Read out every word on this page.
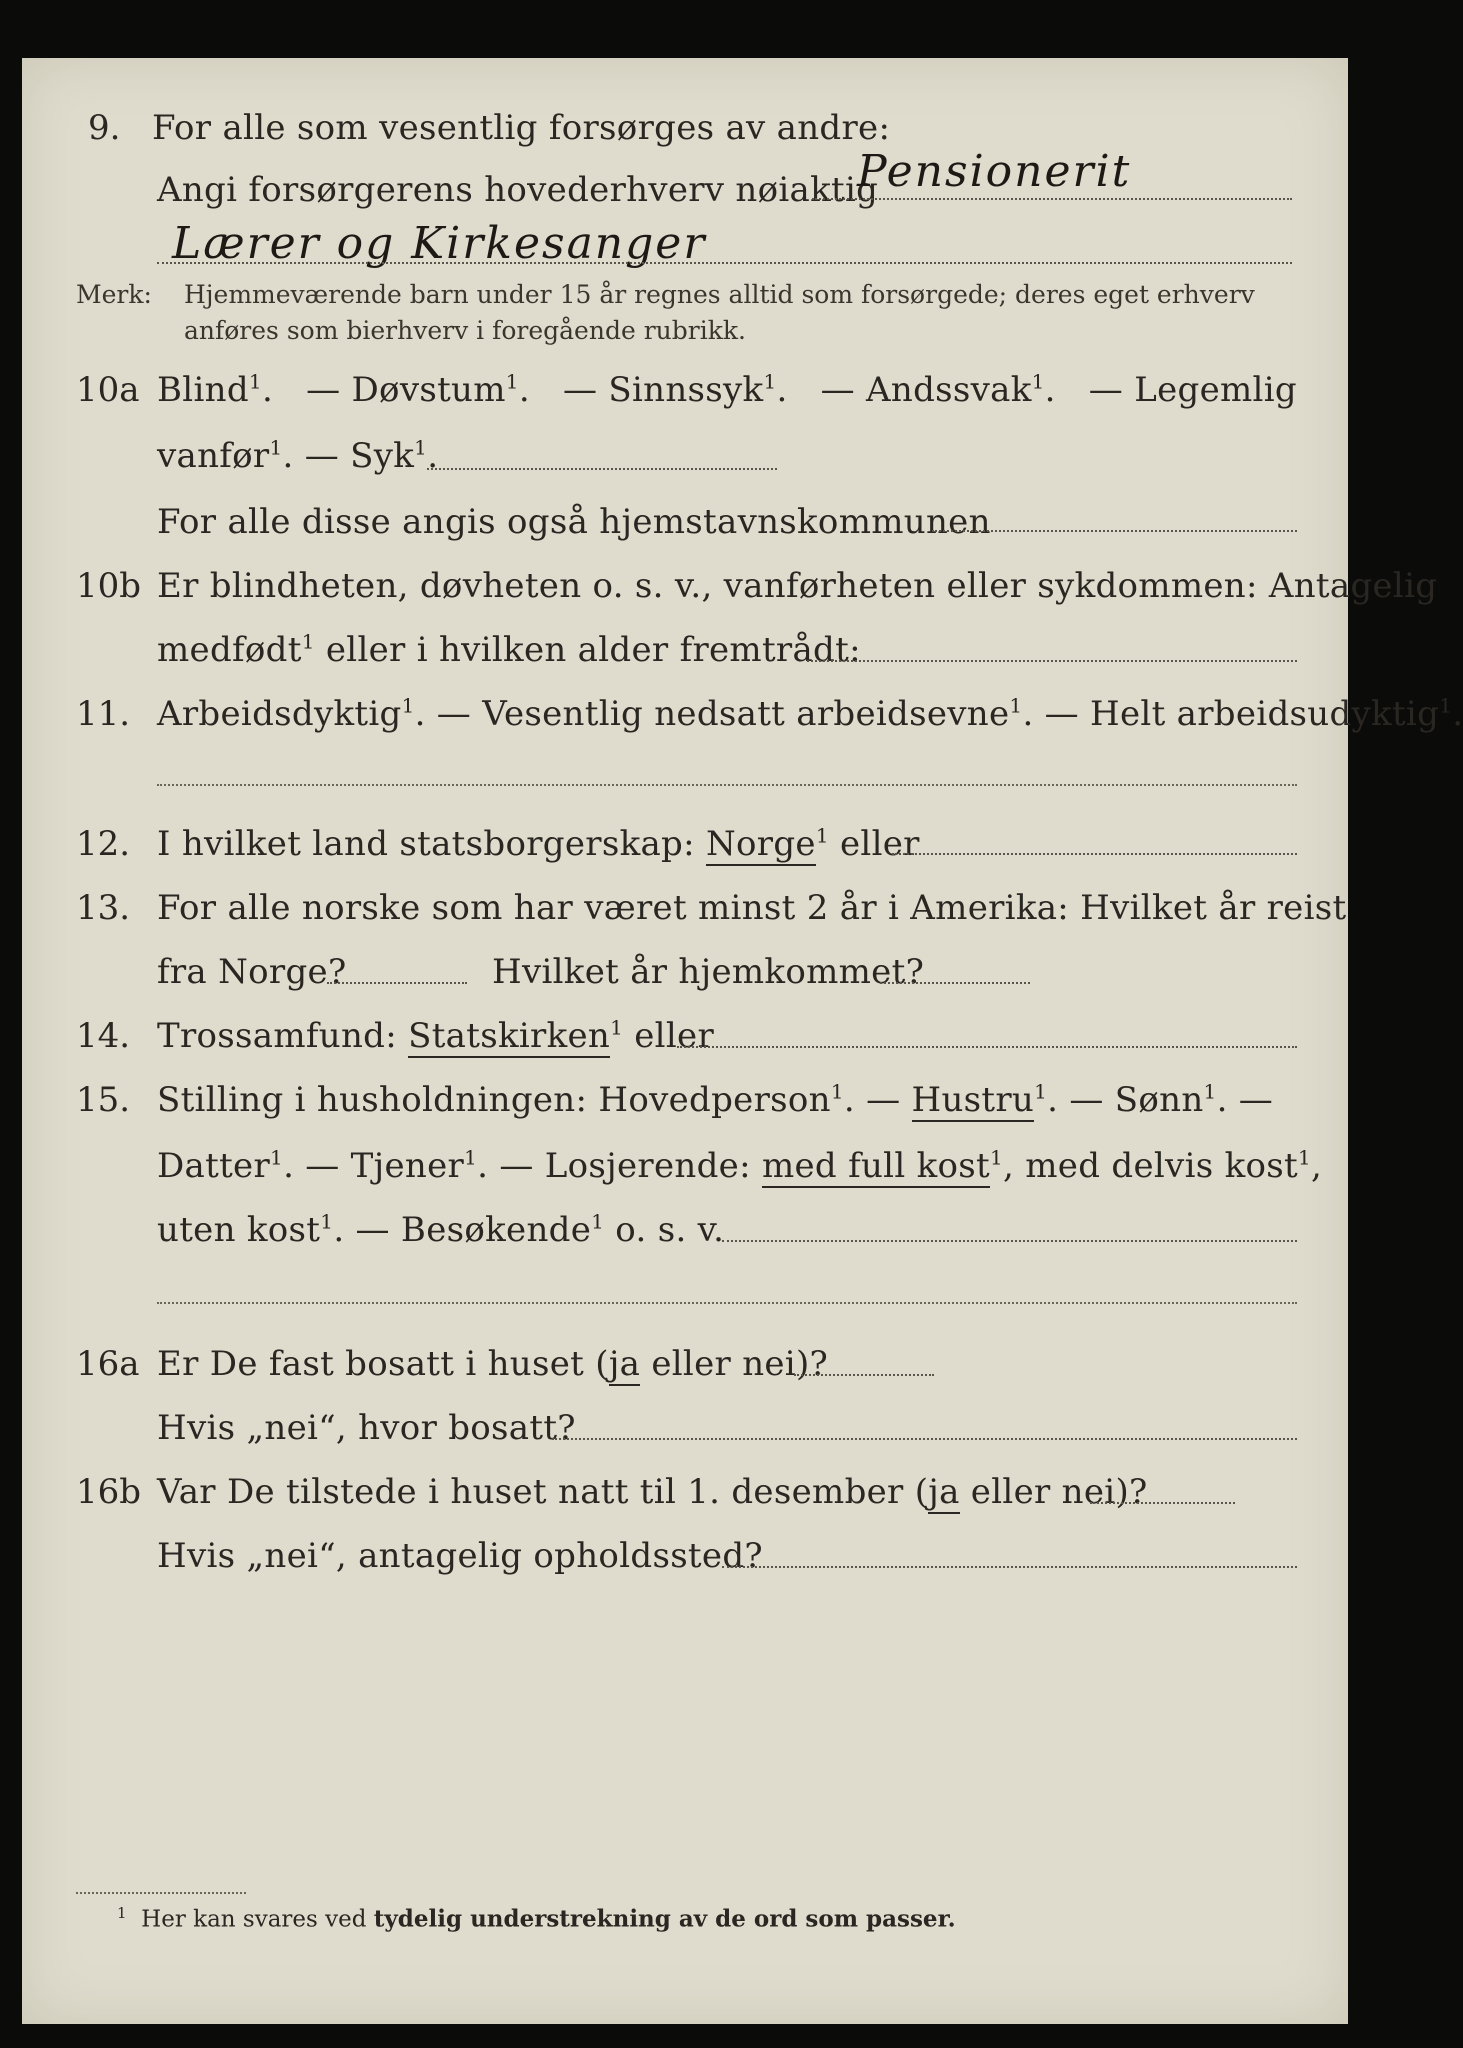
9. For alle som vesentlig forsørges av andre:
Angi forsørgerens hovederhverv nøiaktig
Pensionerit
Lærer og Kirkesanger
Merk: Hjemmeværende barn under 15 år regnes alltid som forsørgede; deres eget erhverv
anføres som bierhverv i foregående rubrikk.
10a Blind$^1$. — Døvstum$^1$. — Sinnssyk$^1$. — Andssvak$^1$. — Legemlig
vanfør$^1$. — Syk$^1$.
For alle disse angis også hjemstavnskommunen
10b Er blindheten, døvheten o. s. v., vanførheten eller sykdommen: Antagelig
medfødt$^1$ eller i hvilken alder fremtrådt:
11. Arbeidsdyktig$^1$. — Vesentlig nedsatt arbeidsevne$^1$. — Helt arbeidsudyktig$^1$.
12. I hvilket land statsborgerskap: Norge$^1$ eller
13. For alle norske som har været minst 2 år i Amerika: Hvilket år reist
fra Norge?	Hvilket år hjemkommet?
14. Trossamfund: Statskirken$^1$ eller
15. Stilling i husholdningen: Hovedperson$^1$. — Hustru$^1$. — Sønn$^1$. —
Datter$^1$. — Tjener$^1$. — Losjerende: med full kost$^1$, med delvis kost$^1$,
uten kost$^1$. — Besøkende$^1$ o. s. v.
16a Er De fast bosatt i huset (ja eller nei)?
Hvis „nei“, hvor bosatt?
16b Var De tilstede i huset natt til 1. desember (ja eller nei)?
Hvis „nei“, antagelig opholdssted?
$^1$ Her kan svares ved tydelig understrekning av de ord som passer.
